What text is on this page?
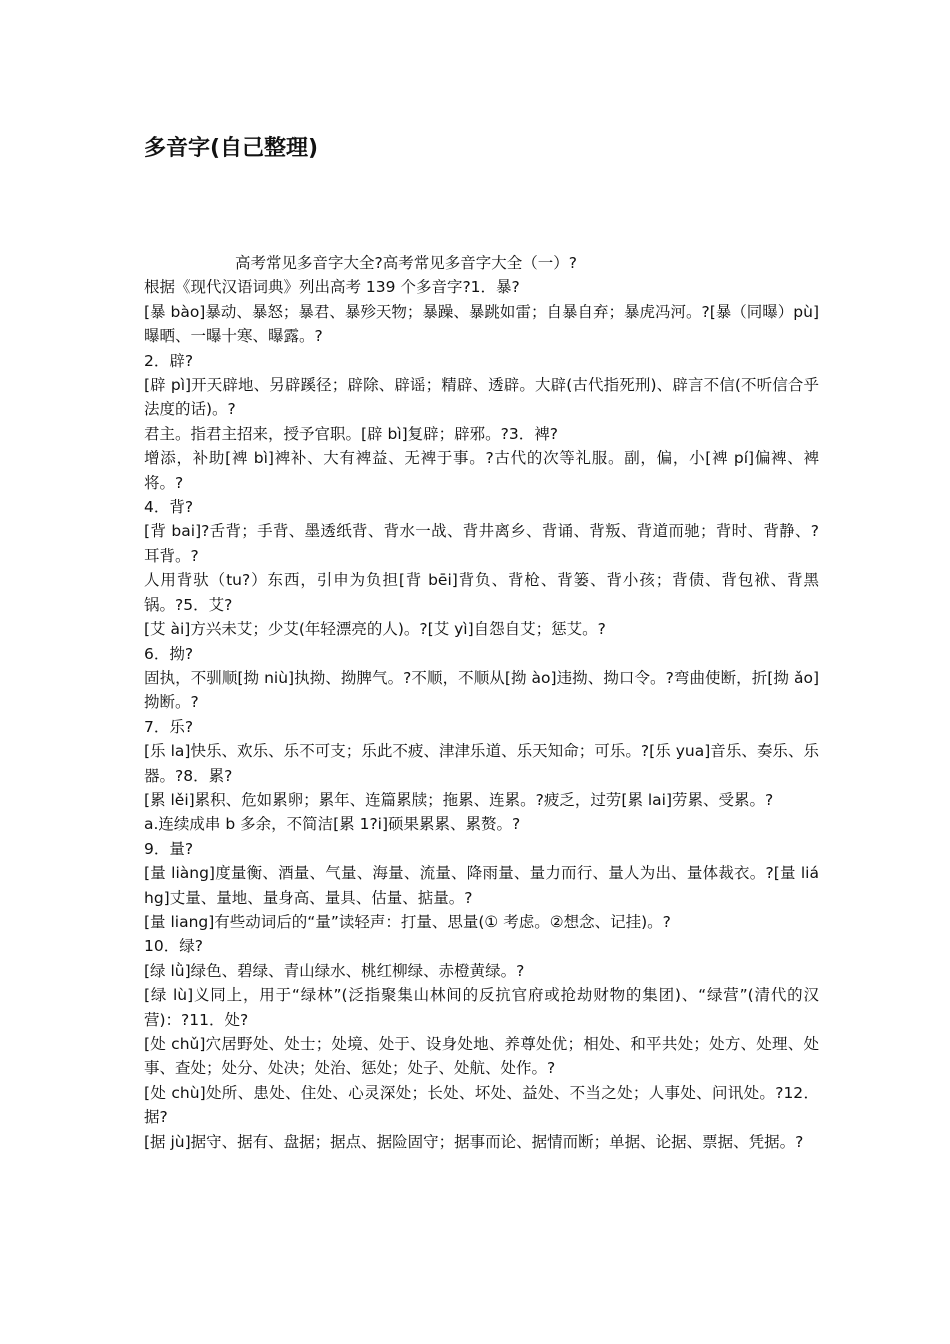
多音字(自己整理)

高考常见多音字大全?高考常见多音字大全（一）?

根据《现代汉语词典》列出高考 139 个多音字?1．暴?

[暴 bào]暴动、暴怒；暴君、暴殄天物；暴躁、暴跳如雷；自暴自弃；暴虎冯河。?[暴（同曝）pù]曝晒、一曝十寒、曝露。?

2．辟?

[辟 pì]开天辟地、另辟蹊径；辟除、辟谣；精辟、透辟。大辟(古代指死刑)、辟言不信(不听信合乎法度的话)。?

君主。指君主招来，授予官职。[辟 bì]复辟；辟邪。?3．裨?

增添，补助[裨 bì]裨补、大有裨益、无裨于事。?古代的次等礼服。副，偏，小[裨 pí]偏裨、裨将。?

4．背?

[背 bai]?舌背；手背、墨透纸背、背水一战、背井离乡、背诵、背叛、背道而驰；背时、背静、?耳背。?

人用背驮（tu?）东西，引申为负担[背 bēi]背负、背枪、背篓、背小孩；背债、背包袱、背黑锅。?5．艾?

[艾 ài]方兴未艾；少艾(年轻漂亮的人)。?[艾 yì]自怨自艾；惩艾。?

6．拗?

固执，不驯顺[拗 niù]执拗、拗脾气。?不顺，不顺从[拗 ào]违拗、拗口令。?弯曲使断，折[拗 ǎo]拗断。?

7．乐?

[乐 la]快乐、欢乐、乐不可支；乐此不疲、津津乐道、乐天知命；可乐。?[乐 yua]音乐、奏乐、乐器。?8．累?

[累 lěi]累积、危如累卵；累年、连篇累牍；拖累、连累。?疲乏，过劳[累 lai]劳累、受累。?

a.连续成串 b 多余，不简洁[累 1?i]硕果累累、累赘。?

9．量?

[量 liàng]度量衡、酒量、气量、海量、流量、降雨量、量力而行、量人为出、量体裁衣。?[量 liáhg]丈量、量地、量身高、量具、估量、掂量。?

[量 liang]有些动词后的“量”读轻声：打量、思量(① 考虑。②想念、记挂)。?

10．绿?

[绿 lǜ]绿色、碧绿、青山绿水、桃红柳绿、赤橙黄绿。?

[绿 lù]义同上，用于“绿林”(泛指聚集山林间的反抗官府或抢劫财物的集团)、“绿营”(清代的汉营)：?11．处?

[处 chǔ]穴居野处、处士；处境、处于、设身处地、养尊处优；相处、和平共处；处方、处理、处事、查处；处分、处决；处治、惩处；处子、处航、处作。?

[处 chù]处所、患处、住处、心灵深处；长处、坏处、益处、不当之处；人事处、问讯处。?12．据?

[据 jù]据守、据有、盘据；据点、据险固守；据事而论、据情而断；单据、论据、票据、凭据。?
